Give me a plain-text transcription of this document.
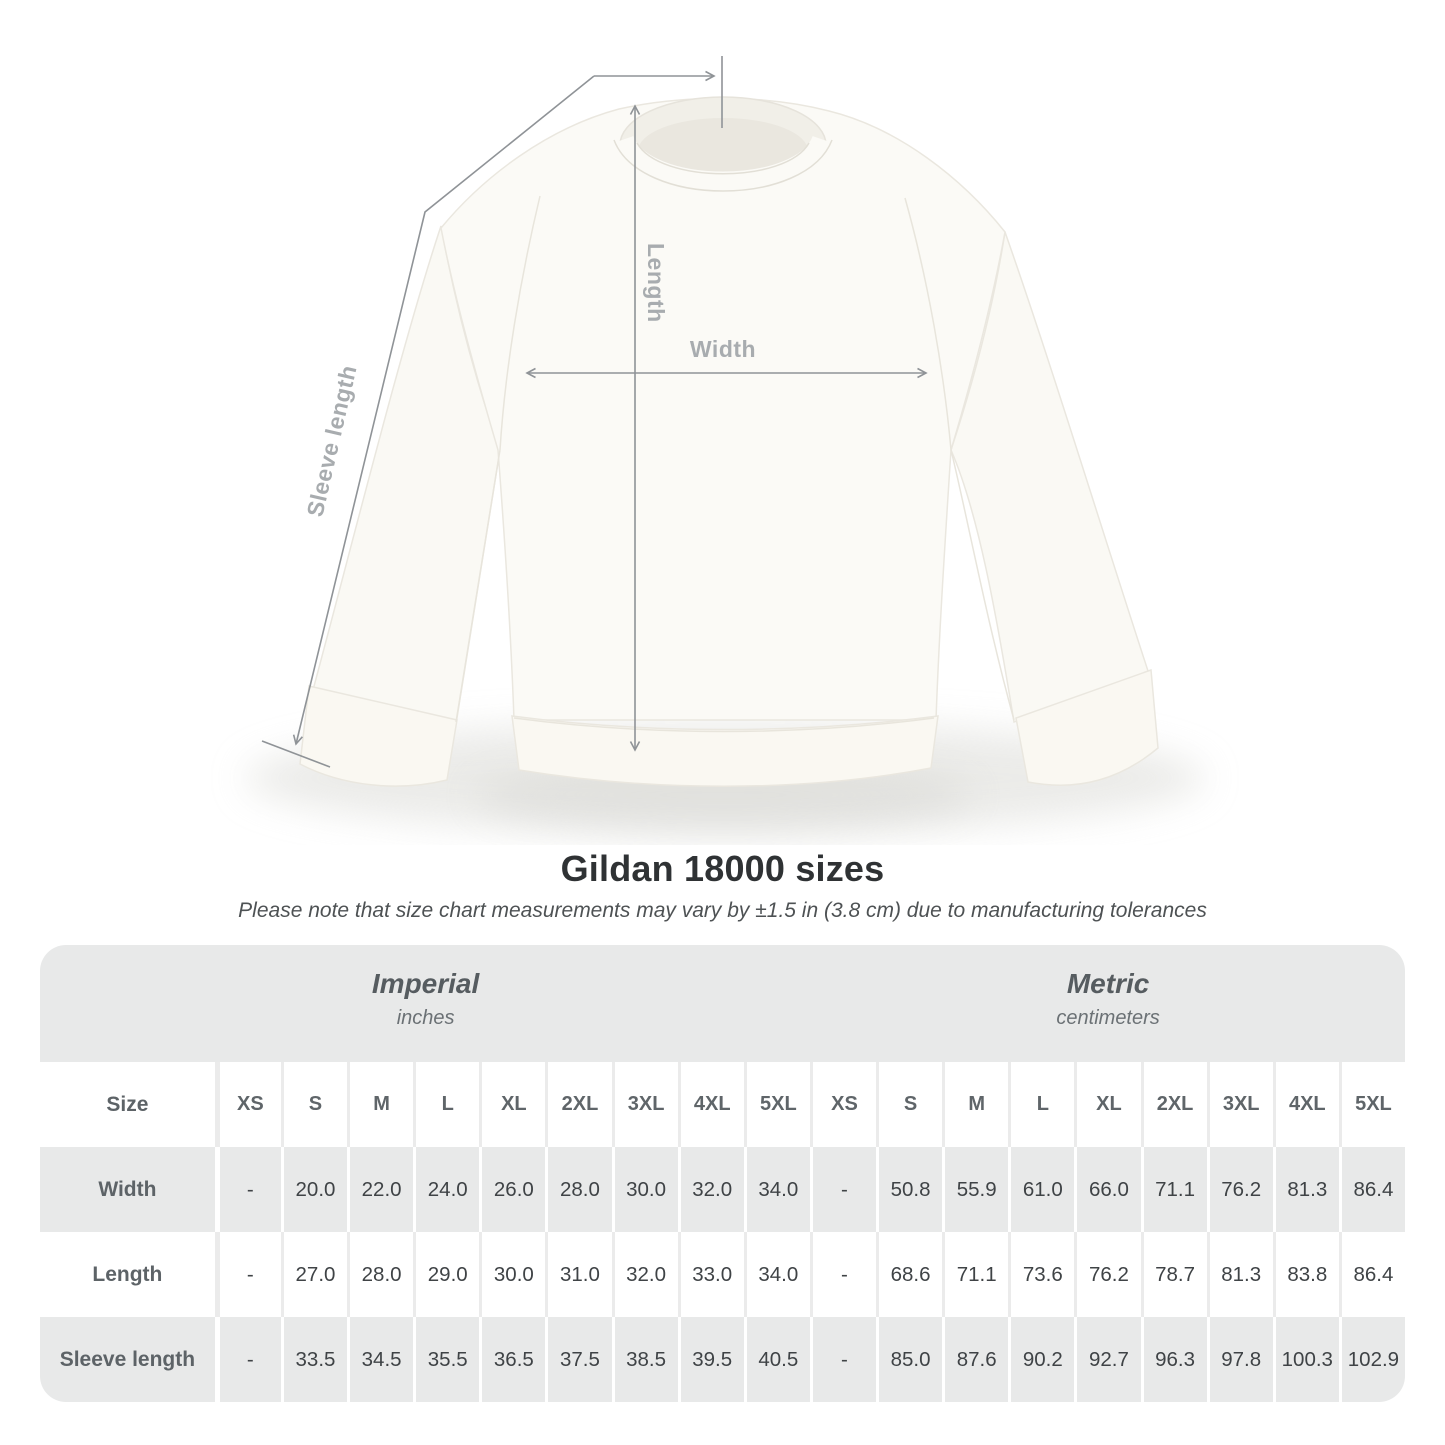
Width
Length
Sleeve length
Gildan 18000 sizes

Please note that size chart measurements may vary by ±1.5 in (3.8 cm) due to manufacturing tolerances

Imperial
inches
Metric
centimeters
Size	XS	S	M	L	XL	2XL	3XL	4XL	5XL	XS	S	M	L	XL	2XL	3XL	4XL	5XL
Width	-	20.0	22.0	24.0	26.0	28.0	30.0	32.0	34.0	-	50.8	55.9	61.0	66.0	71.1	76.2	81.3	86.4
Length	-	27.0	28.0	29.0	30.0	31.0	32.0	33.0	34.0	-	68.6	71.1	73.6	76.2	78.7	81.3	83.8	86.4
Sleeve length	-	33.5	34.5	35.5	36.5	37.5	38.5	39.5	40.5	-	85.0	87.6	90.2	92.7	96.3	97.8	100.3 102.9
